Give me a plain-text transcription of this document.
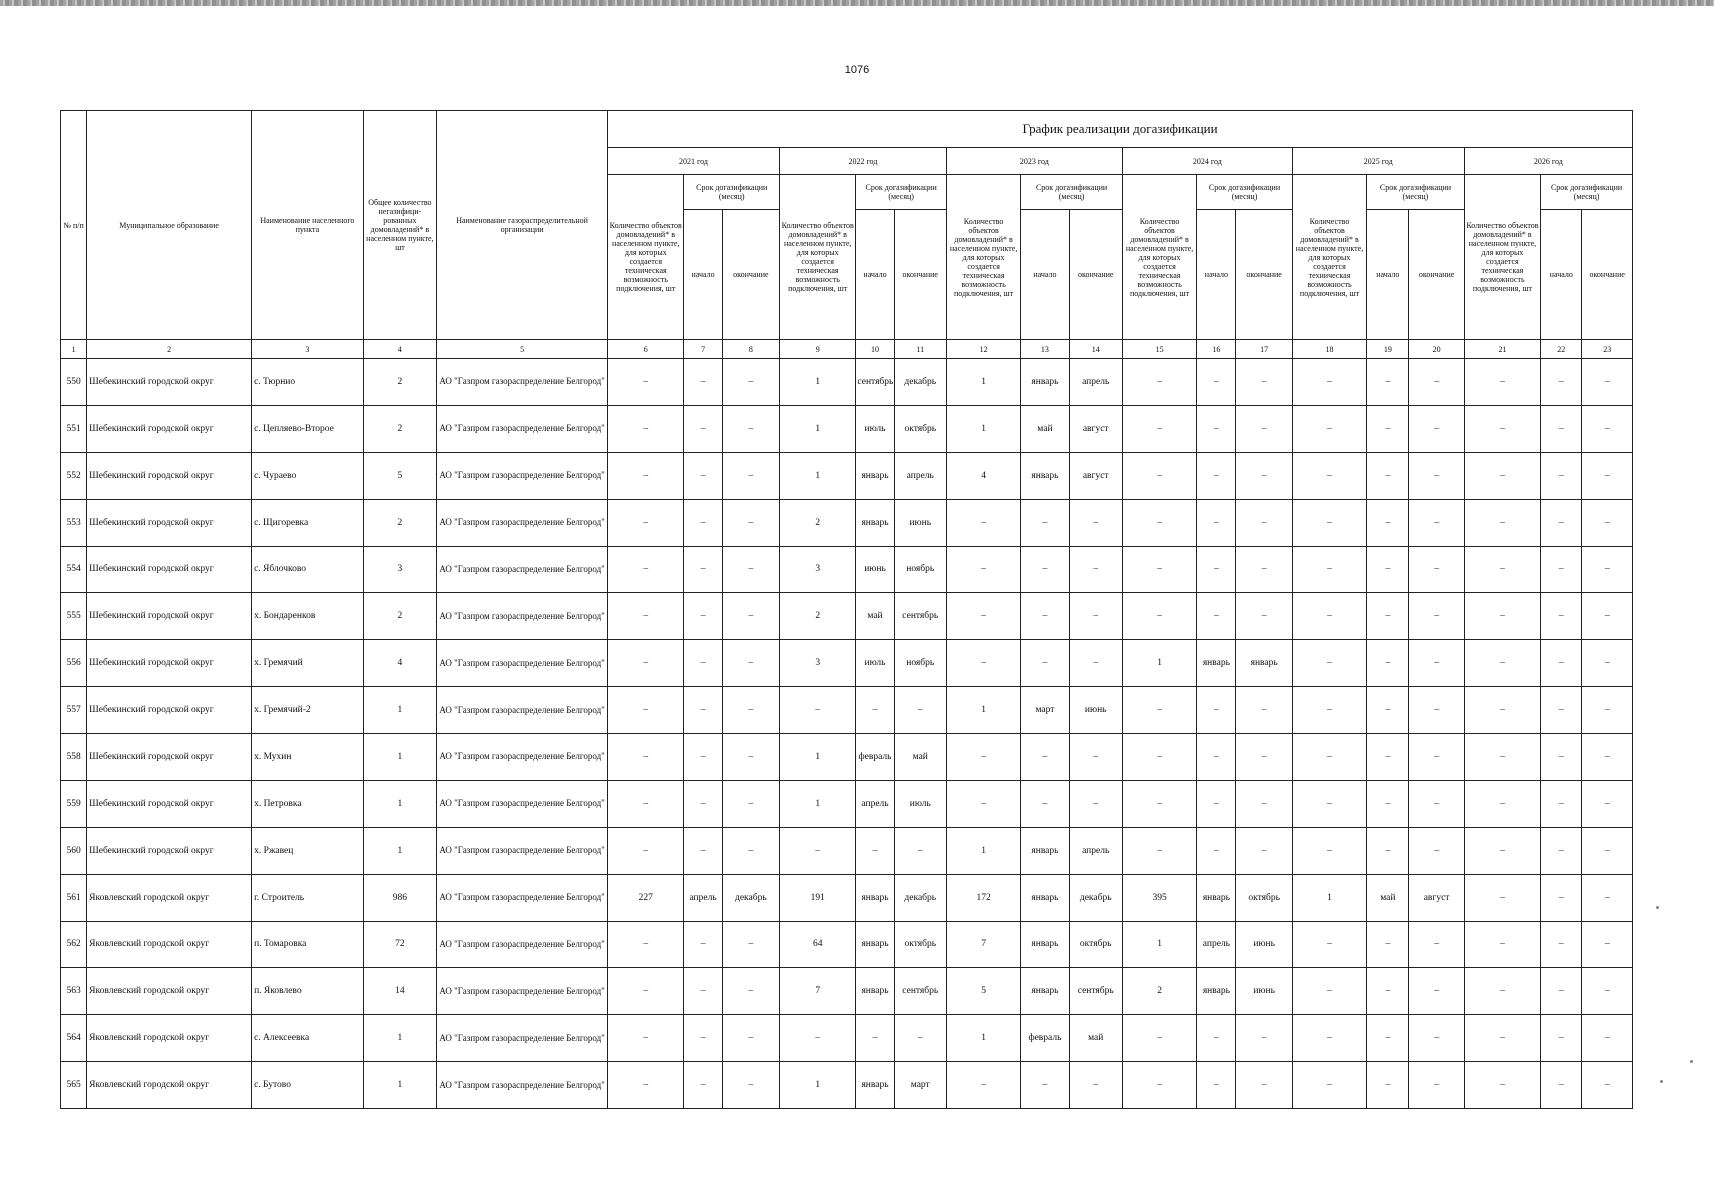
1076
№ п/п	Муниципальное образование	Наименование населенного пункта	Общее количество негазифици-рованных домовладений* в населенном пункте, шт	Наименование газораспределительной организации	График реализации догазификации																	
					2021 год			2022 год			2023 год			2024 год			2025 год			2026 год		
					Количество объектов домовладений* в населенном пункте, для которых создается техническая возможность подключения, шт	Срок догазификации (месяц)		Количество объектов домовладений* в населенном пункте, для которых создается техническая возможность подключения, шт	Срок догазификации (месяц)		Количество объектов домовладений* в населенном пункте, для которых создается техническая возможность подключения, шт	Срок догазификации (месяц)		Количество объектов домовладений* в населенном пункте, для которых создается техническая возможность подключения, шт	Срок догазификации (месяц)		Количество объектов домовладений* в населенном пункте, для которых создается техническая возможность подключения, шт	Срок догазификации (месяц)		Количество объектов домовладений* в населенном пункте, для которых создается техническая возможность подключения, шт	Срок догазификации (месяц)	
						начало	окончание		начало	окончание		начало	окончание		начало	окончание		начало	окончание		начало	окончание
1	2	3	4	5	6	7	8	9	10	11	12	13	14	15	16	17	18	19	20	21	22	23
550	Шебекинский городской округ	с. Тюрнио	2	АО "Газпром газораспределение Белгород"	–	–	–	1	сентябрь	декабрь	1	январь	апрель	–	–	–	–	–	–	–	–	–
551	Шебекинский городской округ	с. Цепляево-Второе	2	АО "Газпром газораспределение Белгород"	–	–	–	1	июль	октябрь	1	май	август	–	–	–	–	–	–	–	–	–
552	Шебекинский городской округ	с. Чураево	5	АО "Газпром газораспределение Белгород"	–	–	–	1	январь	апрель	4	январь	август	–	–	–	–	–	–	–	–	–
553	Шебекинский городской округ	с. Щигоревка	2	АО "Газпром газораспределение Белгород"	–	–	–	2	январь	июнь	–	–	–	–	–	–	–	–	–	–	–	–
554	Шебекинский городской округ	с. Яблочково	3	АО "Газпром газораспределение Белгород"	–	–	–	3	июнь	ноябрь	–	–	–	–	–	–	–	–	–	–	–	–
555	Шебекинский городской округ	х. Бондаренков	2	АО "Газпром газораспределение Белгород"	–	–	–	2	май	сентябрь	–	–	–	–	–	–	–	–	–	–	–	–
556	Шебекинский городской округ	х. Гремячий	4	АО "Газпром газораспределение Белгород"	–	–	–	3	июль	ноябрь	–	–	–	1	январь	январь	–	–	–	–	–	–
557	Шебекинский городской округ	х. Гремячий-2	1	АО "Газпром газораспределение Белгород"	–	–	–	–	–	–	1	март	июнь	–	–	–	–	–	–	–	–	–
558	Шебекинский городской округ	х. Мухин	1	АО "Газпром газораспределение Белгород"	–	–	–	1	февраль	май	–	–	–	–	–	–	–	–	–	–	–	–
559	Шебекинский городской округ	х. Петровка	1	АО "Газпром газораспределение Белгород"	–	–	–	1	апрель	июль	–	–	–	–	–	–	–	–	–	–	–	–
560	Шебекинский городской округ	х. Ржавец	1	АО "Газпром газораспределение Белгород"	–	–	–	–	–	–	1	январь	апрель	–	–	–	–	–	–	–	–	–
561	Яковлевский городской округ	г. Строитель	986	АО "Газпром газораспределение Белгород"	227	апрель	декабрь	191	январь	декабрь	172	январь	декабрь	395	январь	октябрь	1	май	август	–	–	–
562	Яковлевский городской округ	п. Томаровка	72	АО "Газпром газораспределение Белгород"	–	–	–	64	январь	октябрь	7	январь	октябрь	1	апрель	июнь	–	–	–	–	–	–
563	Яковлевский городской округ	п. Яковлево	14	АО "Газпром газораспределение Белгород"	–	–	–	7	январь	сентябрь	5	январь	сентябрь	2	январь	июнь	–	–	–	–	–	–
564	Яковлевский городской округ	с. Алексеевка	1	АО "Газпром газораспределение Белгород"	–	–	–	–	–	–	1	февраль	май	–	–	–	–	–	–	–	–	–
565	Яковлевский городской округ	с. Бутово	1	АО "Газпром газораспределение Белгород"	–	–	–	1	январь	март	–	–	–	–	–	–	–	–	–	–	–	–
